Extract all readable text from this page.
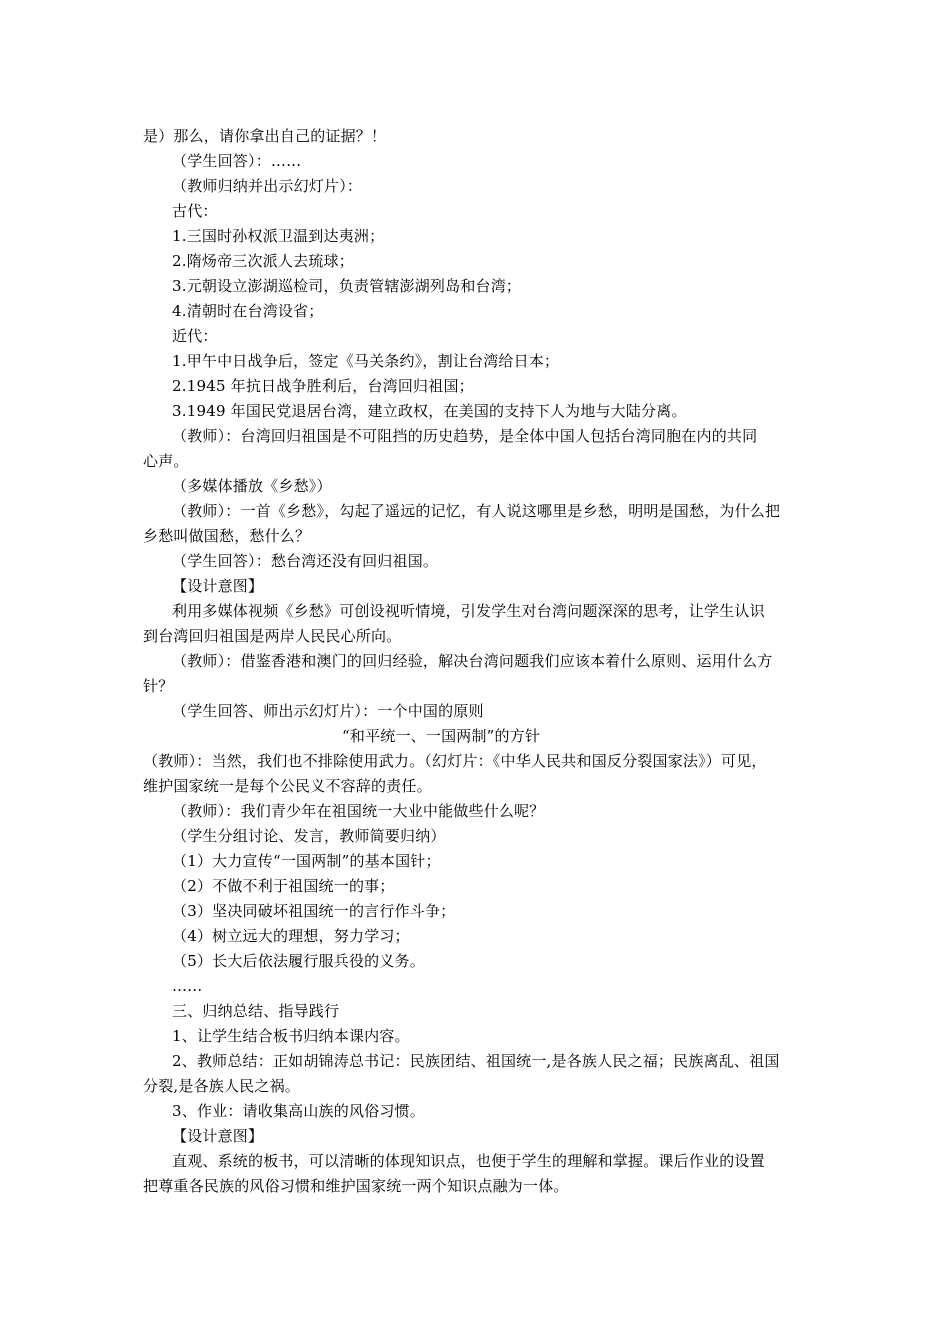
是）那么，请你拿出自己的证据？！
（学生回答）：……
（教师归纳并出示幻灯片）：
古代：
1.三国时孙权派卫温到达夷洲；
2.隋炀帝三次派人去琉球；
3.元朝设立澎湖巡检司，负责管辖澎湖列岛和台湾；
4.清朝时在台湾设省；
近代：
1.甲午中日战争后，签定《马关条约》，割让台湾给日本；
2.1945 年抗日战争胜利后，台湾回归祖国；
3.1949 年国民党退居台湾，建立政权，在美国的支持下人为地与大陆分离。
（教师）：台湾回归祖国是不可阻挡的历史趋势，是全体中国人包括台湾同胞在内的共同
心声。
（多媒体播放《乡愁》）
（教师）：一首《乡愁》，勾起了遥远的记忆，有人说这哪里是乡愁，明明是国愁，为什么把
乡愁叫做国愁，愁什么？
（学生回答）：愁台湾还没有回归祖国。
【设计意图】
利用多媒体视频《乡愁》可创设视听情境，引发学生对台湾问题深深的思考，让学生认识
到台湾回归祖国是两岸人民民心所向。
（教师）：借鉴香港和澳门的回归经验，解决台湾问题我们应该本着什么原则、运用什么方
针？
（学生回答、师出示幻灯片）：一个中国的原则
“和平统一、一国两制”的方针
（教师）：当然，我们也不排除使用武力。（幻灯片：《中华人民共和国反分裂国家法》）可见，
维护国家统一是每个公民义不容辞的责任。
（教师）：我们青少年在祖国统一大业中能做些什么呢？
（学生分组讨论、发言，教师简要归纳）
（1）大力宣传“一国两制”的基本国针；
（2）不做不利于祖国统一的事；
（3）坚决同破坏祖国统一的言行作斗争；
（4）树立远大的理想，努力学习；
（5）长大后依法履行服兵役的义务。
……
三、归纳总结、指导践行
1、让学生结合板书归纳本课内容。
2、教师总结：正如胡锦涛总书记：民族团结、祖国统一,是各族人民之福；民族离乱、祖国
分裂,是各族人民之祸。
3、作业：请收集高山族的风俗习惯。
【设计意图】
直观、系统的板书，可以清晰的体现知识点，也便于学生的理解和掌握。课后作业的设置
把尊重各民族的风俗习惯和维护国家统一两个知识点融为一体。
